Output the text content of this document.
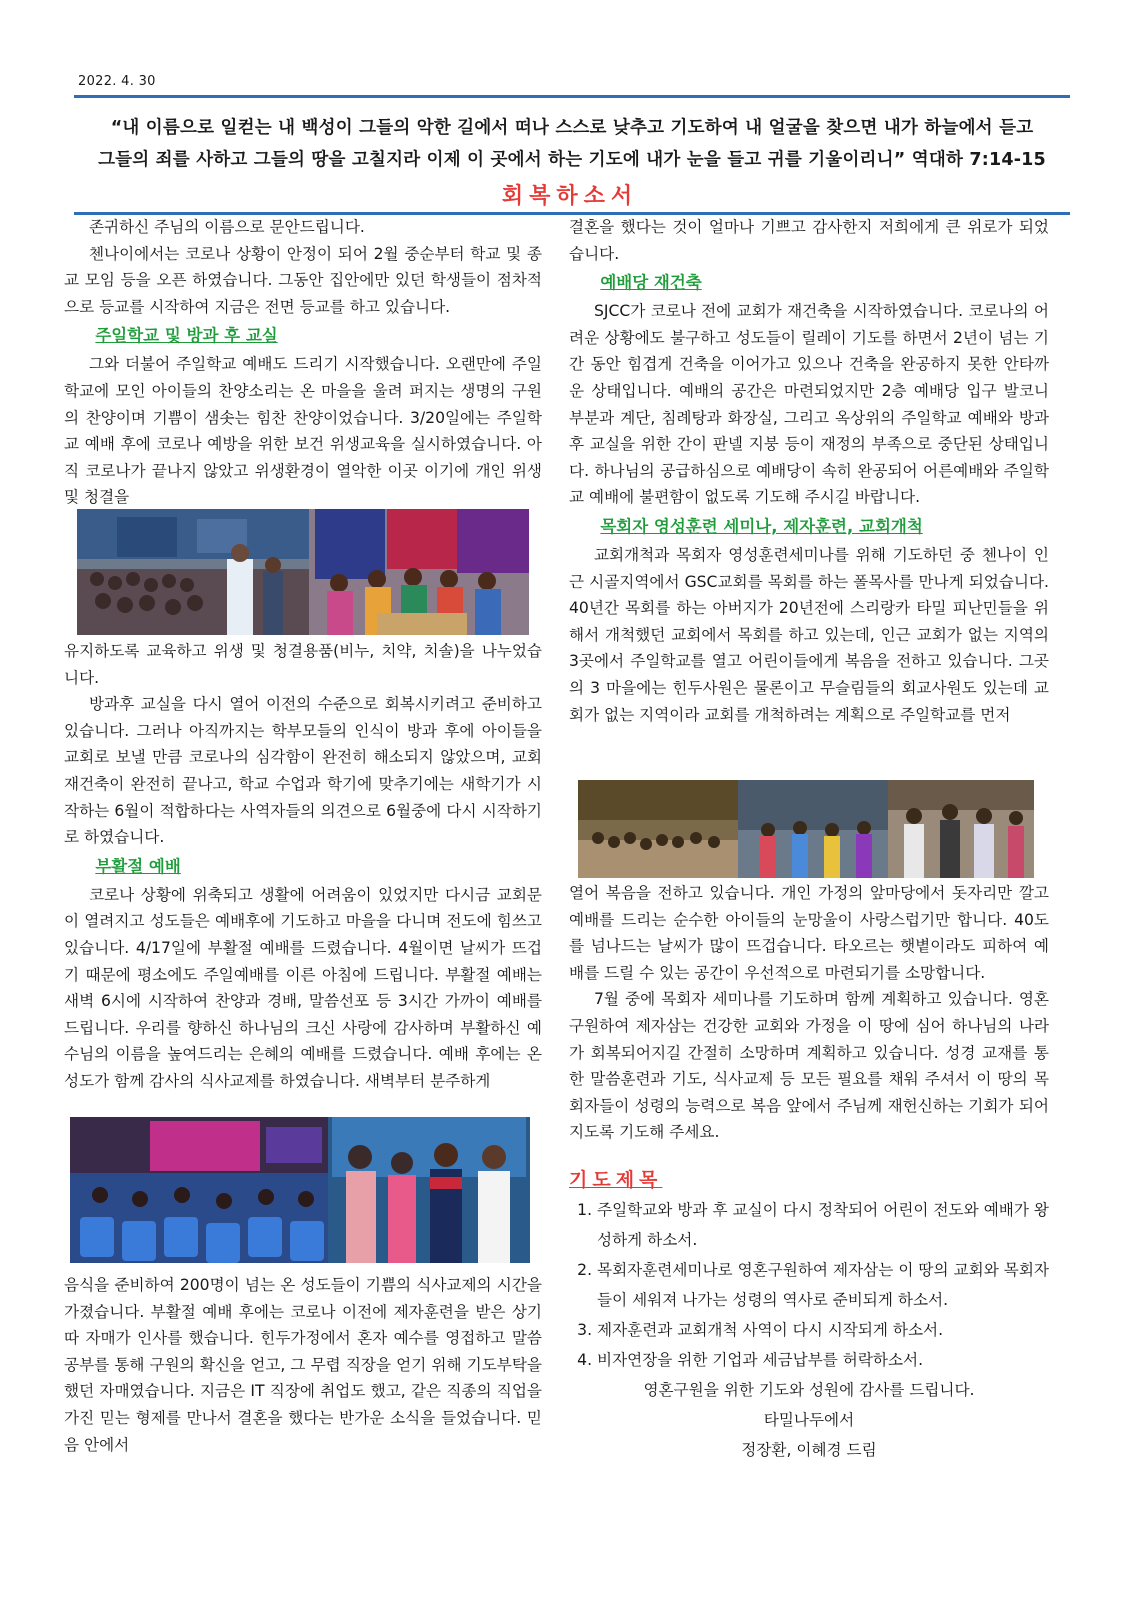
2022. 4. 30
“내 이름으로 일컫는 내 백성이 그들의 악한 길에서 떠나 스스로 낮추고 기도하여 내 얼굴을 찾으면 내가 하늘에서 듣고
그들의 죄를 사하고 그들의 땅을 고칠지라 이제 이 곳에서 하는 기도에 내가 눈을 들고 귀를 기울이리니” 역대하 7:14-15
회복하소서

존귀하신 주님의 이름으로 문안드립니다.

첸나이에서는 코로나 상황이 안정이 되어 2월 중순부터 학교 및 종교 모임 등을 오픈 하였습니다. 그동안 집안에만 있던 학생들이 점차적으로 등교를 시작하여 지금은 전면 등교를 하고 있습니다.

주일학교 및 방과 후 교실

그와 더불어 주일학교 예배도 드리기 시작했습니다. 오랜만에 주일학교에 모인 아이들의 찬양소리는 온 마을을 울려 퍼지는 생명의 구원의 찬양이며 기쁨이 샘솟는 힘찬 찬양이었습니다. 3/20일에는 주일학교 예배 후에 코로나 예방을 위한 보건 위생교육을 실시하였습니다. 아직 코로나가 끝나지 않았고 위생환경이 열악한 이곳 이기에 개인 위생 및 청결을

유지하도록 교육하고 위생 및 청결용품(비누, 치약, 치솔)을 나누었습니다.

방과후 교실을 다시 열어 이전의 수준으로 회복시키려고 준비하고 있습니다. 그러나 아직까지는 학부모들의 인식이 방과 후에 아이들을 교회로 보낼 만큼 코로나의 심각함이 완전히 해소되지 않았으며, 교회 재건축이 완전히 끝나고, 학교 수업과 학기에 맞추기에는 새학기가 시작하는 6월이 적합하다는 사역자들의 의견으로 6월중에 다시 시작하기로 하였습니다.

부활절 예배

코로나 상황에 위축되고 생활에 어려움이 있었지만 다시금 교회문이 열려지고 성도들은 예배후에 기도하고 마을을 다니며 전도에 힘쓰고 있습니다. 4/17일에 부활절 예배를 드렸습니다. 4월이면 날씨가 뜨겁기 때문에 평소에도 주일예배를 이른 아침에 드립니다. 부활절 예배는 새벽 6시에 시작하여 찬양과 경배, 말씀선포 등 3시간 가까이 예배를 드립니다. 우리를 향하신 하나님의 크신 사랑에 감사하며 부활하신 예수님의 이름을 높여드리는 은혜의 예배를 드렸습니다. 예배 후에는 온 성도가 함께 감사의 식사교제를 하였습니다. 새벽부터 분주하게

음식을 준비하여 200명이 넘는 온 성도들이 기쁨의 식사교제의 시간을 가졌습니다. 부활절 예배 후에는 코로나 이전에 제자훈련을 받은 상기따 자매가 인사를 했습니다. 힌두가정에서 혼자 예수를 영접하고 말씀 공부를 통해 구원의 확신을 얻고, 그 무렵 직장을 얻기 위해 기도부탁을 했던 자매였습니다. 지금은 IT 직장에 취업도 했고, 같은 직종의 직업을 가진 믿는 형제를 만나서 결혼을 했다는 반가운 소식을 들었습니다. 믿음 안에서

결혼을 했다는 것이 얼마나 기쁘고 감사한지 저희에게 큰 위로가 되었습니다.

예배당 재건축

SJCC가 코로나 전에 교회가 재건축을 시작하였습니다. 코로나의 어려운 상황에도 불구하고 성도들이 릴레이 기도를 하면서 2년이 넘는 기간 동안 힘겹게 건축을 이어가고 있으나 건축을 완공하지 못한 안타까운 상태입니다. 예배의 공간은 마련되었지만 2층 예배당 입구 발코니 부분과 계단, 침례탕과 화장실, 그리고 옥상위의 주일학교 예배와 방과후 교실을 위한 간이 판넬 지붕 등이 재정의 부족으로 중단된 상태입니다. 하나님의 공급하심으로 예배당이 속히 완공되어 어른예배와 주일학교 예배에 불편함이 없도록 기도해 주시길 바랍니다.

목회자 영성훈련 세미나, 제자훈련, 교회개척

교회개척과 목회자 영성훈련세미나를 위해 기도하던 중 첸나이 인근 시골지역에서 GSC교회를 목회를 하는 폴목사를 만나게 되었습니다. 40년간 목회를 하는 아버지가 20년전에 스리랑카 타밀 피난민들을 위해서 개척했던 교회에서 목회를 하고 있는데, 인근 교회가 없는 지역의 3곳에서 주일학교를 열고 어린이들에게 복음을 전하고 있습니다. 그곳의 3 마을에는 힌두사원은 물론이고 무슬림들의 회교사원도 있는데 교회가 없는 지역이라 교회를 개척하려는 계획으로 주일학교를 먼저

열어 복음을 전하고 있습니다. 개인 가정의 앞마당에서 돗자리만 깔고 예배를 드리는 순수한 아이들의 눈망울이 사랑스럽기만 합니다. 40도를 넘나드는 날씨가 많이 뜨겁습니다. 타오르는 햇볕이라도 피하여 예배를 드릴 수 있는 공간이 우선적으로 마련되기를 소망합니다.

7월 중에 목회자 세미나를 기도하며 함께 계획하고 있습니다. 영혼구원하여 제자삼는 건강한 교회와 가정을 이 땅에 심어 하나님의 나라가 회복되어지길 간절히 소망하며 계획하고 있습니다. 성경 교재를 통한 말씀훈련과 기도, 식사교제 등 모든 필요를 채워 주셔서 이 땅의 목회자들이 성령의 능력으로 복음 앞에서 주님께 재헌신하는 기회가 되어지도록 기도해 주세요.

기도제목
1. 주일학교와 방과 후 교실이 다시 정착되어 어린이 전도와 예배가 왕성하게 하소서.
2. 목회자훈련세미나로 영혼구원하여 제자삼는 이 땅의 교회와 목회자들이 세워져 나가는 성령의 역사로 준비되게 하소서.
3. 제자훈련과 교회개척 사역이 다시 시작되게 하소서.
4. 비자연장을 위한 기업과 세금납부를 허락하소서.
영혼구원을 위한 기도와 성원에 감사를 드립니다.
타밀나두에서
정장환, 이혜경 드림
